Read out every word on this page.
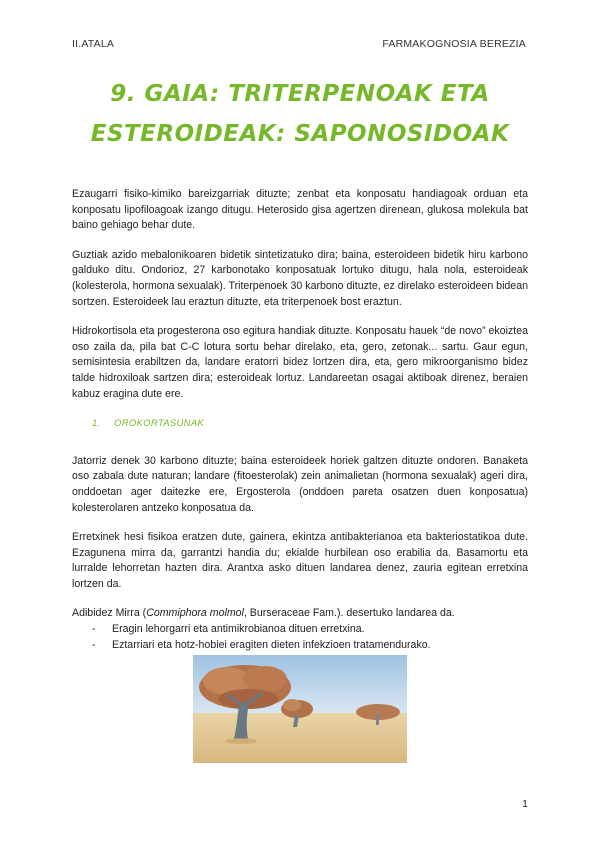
II.ATALA	FARMAKOGNOSIA BEREZIA
9. GAIA: TRITERPENOAK ETA
ESTEROIDEAK: SAPONOSIDOAK

Ezaugarri fisiko-kimiko bareizgarriak dituzte; zenbat eta konposatu handiagoak orduan eta konposatu lipofiloagoak izango ditugu. Heterosido gisa agertzen direnean, glukosa molekula bat baino gehiago behar dute.

Guztiak azido mebalonikoaren bidetik sintetizatuko dira; baina, esteroideen bidetik hiru karbono galduko ditu. Ondorioz, 27 karbonotako konposatuak lortuko ditugu, hala nola, esteroideak (kolesterola, hormona sexualak). Triterpenoek 30 karbono dituzte, ez direlako esteroideen bidean sortzen. Esteroideek lau eraztun dituzte, eta triterpenoek bost eraztun.

Hidrokortisola eta progesterona oso egitura handiak dituzte. Konposatu hauek “de novo” ekoiztea oso zaila da, pila bat C-C lotura sortu behar direlako, eta, gero, zetonak... sartu. Gaur egun, semisintesia erabiltzen da, landare eratorri bidez lortzen dira, eta, gero mikroorganismo bidez talde hidroxiloak sartzen dira; esteroideak lortuz. Landareetan osagai aktiboak direnez, beraien kabuz eragina dute ere.

1. OROKORTASUNAK

Jatorriz denek 30 karbono dituzte; baina esteroideek horiek galtzen dituzte ondoren. Banaketa oso zabala dute naturan; landare (fitoesterolak) zein animalietan (hormona sexualak) ageri dira, onddoetan ager daitezke ere, Ergosterola (onddoen pareta osatzen duen konposatua) kolesterolaren antzeko konposatua da.

Erretxinek hesi fisikoa eratzen dute, gainera, ekintza antibakterianoa eta bakteriostatikoa dute. Ezagunena mirra da, garrantzi handia du; ekialde hurbilean oso erabilia da. Basamortu eta lurralde lehorretan hazten dira. Arantxa asko dituen landarea denez, zauria egitean erretxina lortzen da.

Adibidez Mirra (Commiphora molmol, Burseraceae Fam.). desertuko landarea da.

- Eragin lehorgarri eta antimikrobianoa dituen erretxina.
- Eztarriari eta hotz-hobiei eragiten dieten infekzioen tratamendurako.
1
